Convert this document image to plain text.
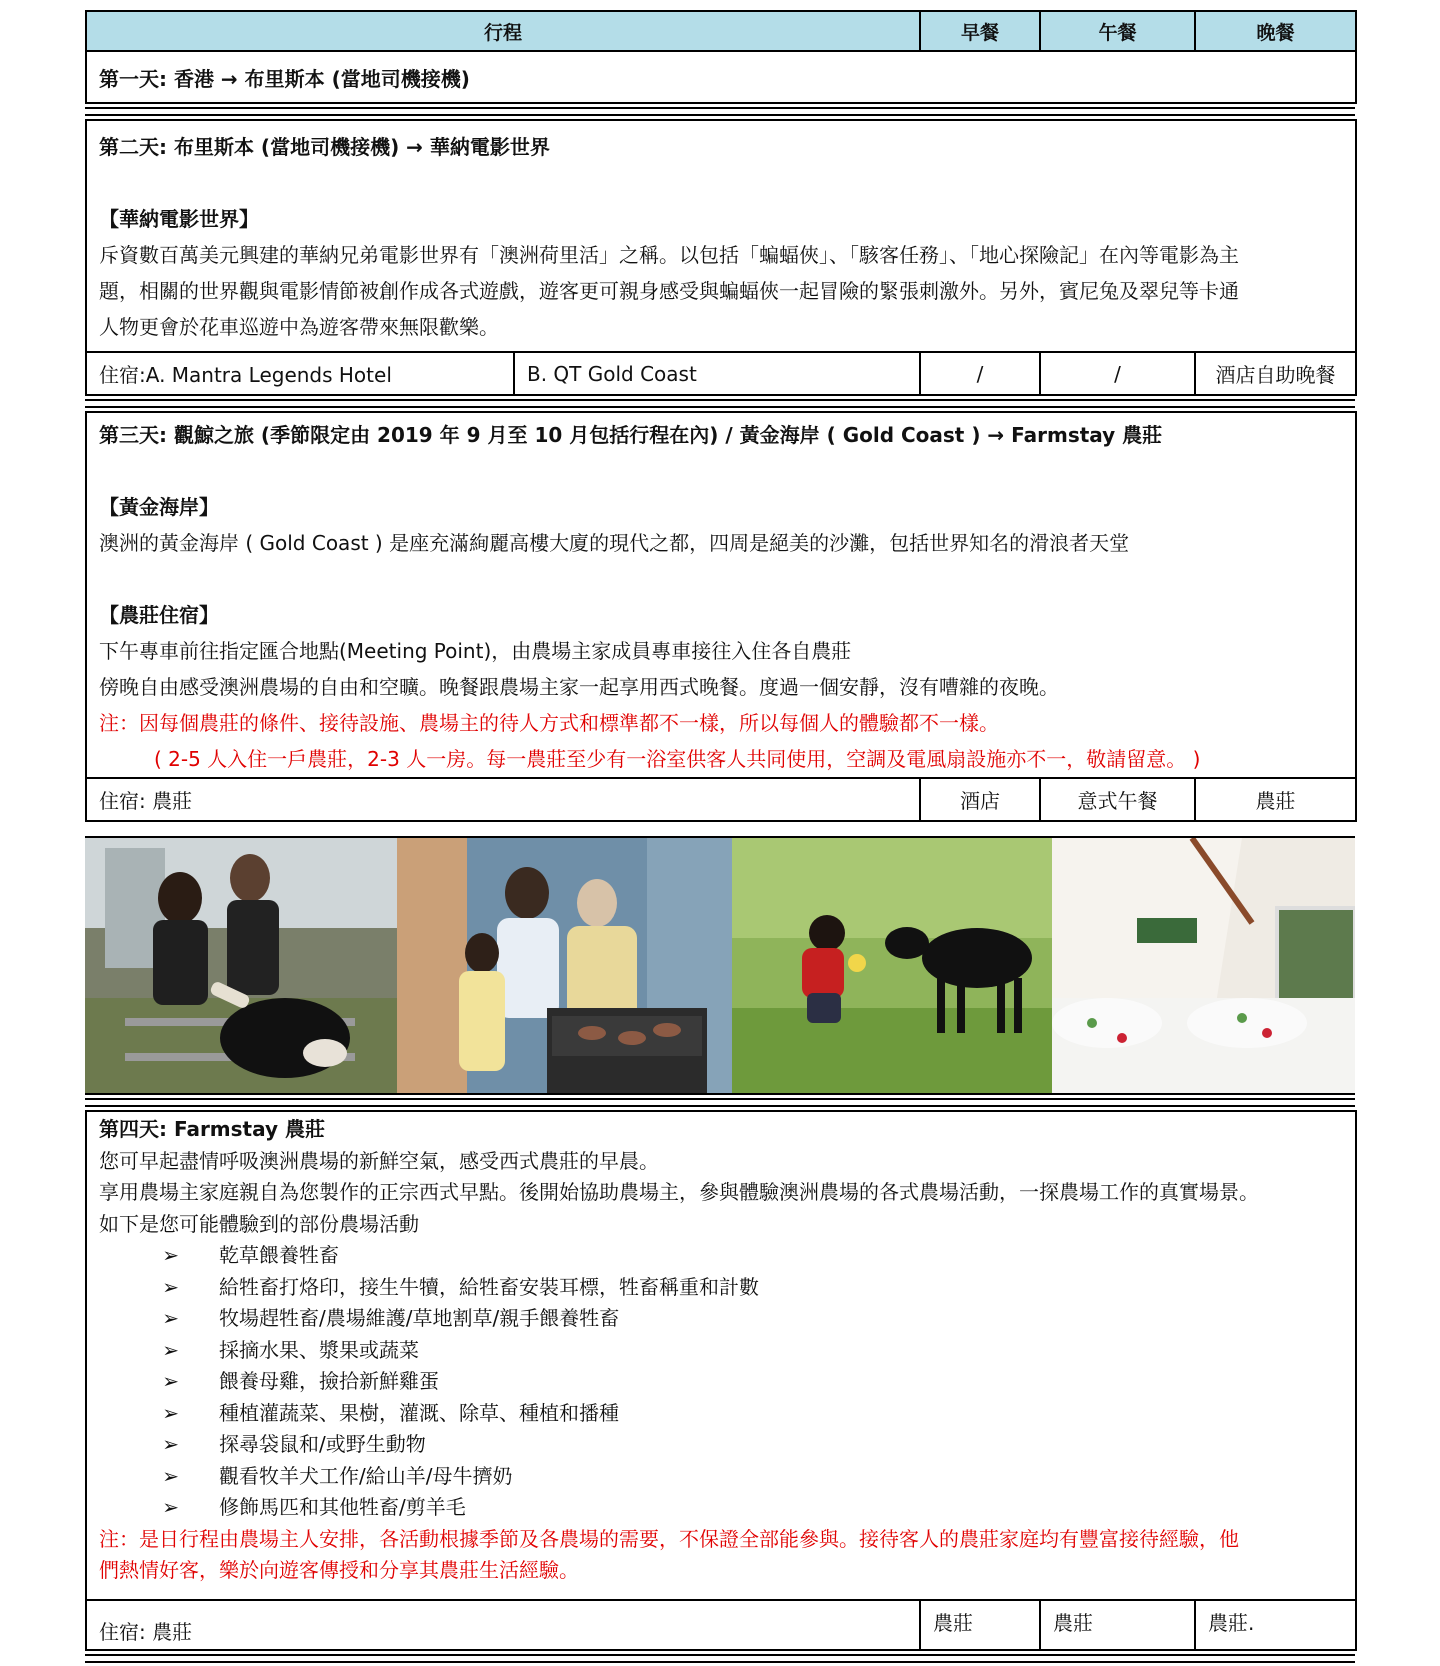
行程	早餐	午餐	晚餐
第一天: 香港 → 布里斯本 (當地司機接機)
第二天: 布里斯本 (當地司機接機) → 華納電影世界
【華納電影世界】
斥資數百萬美元興建的華納兄弟電影世界有「澳洲荷里活」之稱。以包括「蝙蝠俠」、「駭客任務」、「地心探險記」在內等電影為主
題，相關的世界觀與電影情節被創作成各式遊戲，遊客更可親身感受與蝙蝠俠一起冒險的緊張刺激外。另外，賓尼兔及翠兒等卡通
人物更會於花車巡遊中為遊客帶來無限歡樂。

住宿:A. Mantra Legends Hotel	B. QT Gold Coast	/	/	酒店自助晚餐
第三天: 觀鯨之旅 (季節限定由 2019 年 9 月至 10 月包括行程在內) / 黃金海岸 ( Gold Coast ) → Farmstay 農莊
【黃金海岸】
澳洲的黃金海岸 ( Gold Coast ) 是座充滿絢麗高樓大廈的現代之都，四周是絕美的沙灘，包括世界知名的滑浪者天堂
【農莊住宿】
下午專車前往指定匯合地點(Meeting Point)，由農場主家成員專車接往入住各自農莊
傍晚自由感受澳洲農場的自由和空曠。晚餐跟農場主家一起享用西式晚餐。度過一個安靜，沒有嘈雜的夜晚。
注：因每個農莊的條件、接待設施、農場主的待人方式和標準都不一樣，所以每個人的體驗都不一樣。
( 2-5 人入住一戶農莊，2-3 人一房。每一農莊至少有一浴室供客人共同使用，空調及電風扇設施亦不一，敬請留意。 )

住宿: 農莊	酒店	意式午餐	農莊
第四天: Farmstay 農莊
您可早起盡情呼吸澳洲農場的新鮮空氣，感受西式農莊的早晨。
享用農場主家庭親自為您製作的正宗西式早點。後開始協助農場主，參與體驗澳洲農場的各式農場活動，一探農場工作的真實場景。
如下是您可能體驗到的部份農場活動
➢	乾草餵養牲畜
➢	給牲畜打烙印，接生牛犢，給牲畜安裝耳標，牲畜稱重和計數
➢	牧場趕牲畜/農場維護/草地割草/親手餵養牲畜
➢	採摘水果、漿果或蔬菜
➢	餵養母雞，撿拾新鮮雞蛋
➢	種植灌蔬菜、果樹，灌溉、除草、種植和播種
➢	探尋袋鼠和/或野生動物
➢	觀看牧羊犬工作/給山羊/母牛擠奶
➢	修飾馬匹和其他牲畜/剪羊毛
注：是日行程由農場主人安排，各活動根據季節及各農場的需要，不保證全部能參與。接待客人的農莊家庭均有豐富接待經驗，他
們熱情好客，樂於向遊客傳授和分享其農莊生活經驗。

住宿: 農莊	農莊	農莊	農莊.
